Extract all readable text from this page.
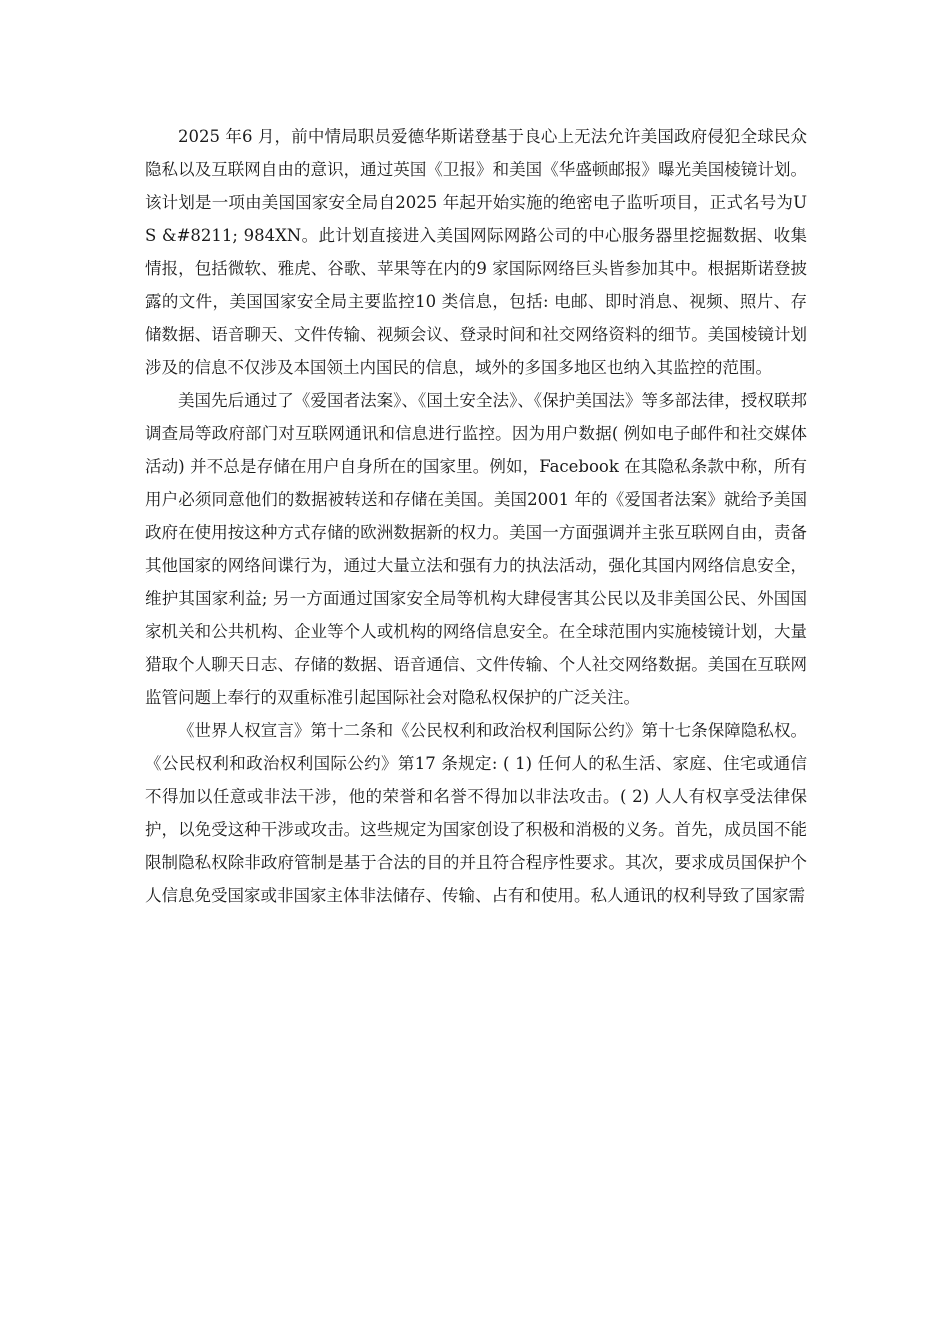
2025 年6 月，前中情局职员爱德华斯诺登基于良心上无法允许美国政府侵犯全球民众隐私以及互联网自由的意识，通过英国《卫报》和美国《华盛顿邮报》曝光美国棱镜计划。该计划是一项由美国国家安全局自2025 年起开始实施的绝密电子监听项目，正式名号为US &#8211; 984XN。此计划直接进入美国网际网路公司的中心服务器里挖掘数据、收集情报，包括微软、雅虎、谷歌、苹果等在内的9 家国际网络巨头皆参加其中。根据斯诺登披露的文件，美国国家安全局主要监控10 类信息，包括: 电邮、即时消息、视频、照片、存储数据、语音聊天、文件传输、视频会议、登录时间和社交网络资料的细节。美国棱镜计划涉及的信息不仅涉及本国领土内国民的信息，域外的多国多地区也纳入其监控的范围。

美国先后通过了《爱国者法案》、《国土安全法》、《保护美国法》等多部法律，授权联邦调查局等政府部门对互联网通讯和信息进行监控。因为用户数据( 例如电子邮件和社交媒体活动) 并不总是存储在用户自身所在的国家里。例如，Facebook 在其隐私条款中称，所有用户必须同意他们的数据被转送和存储在美国。美国2001 年的《爱国者法案》就给予美国政府在使用按这种方式存储的欧洲数据新的权力。美国一方面强调并主张互联网自由，责备其他国家的网络间谍行为，通过大量立法和强有力的执法活动，强化其国内网络信息安全，维护其国家利益; 另一方面通过国家安全局等机构大肆侵害其公民以及非美国公民、外国国家机关和公共机构、企业等个人或机构的网络信息安全。在全球范围内实施棱镜计划，大量猎取个人聊天日志、存储的数据、语音通信、文件传输、个人社交网络数据。美国在互联网监管问题上奉行的双重标准引起国际社会对隐私权保护的广泛关注。

《世界人权宣言》第十二条和《公民权利和政治权利国际公约》第十七条保障隐私权。《公民权利和政治权利国际公约》第17 条规定: ( 1) 任何人的私生活、家庭、住宅或通信不得加以任意或非法干涉，他的荣誉和名誉不得加以非法攻击。( 2) 人人有权享受法律保护，以免受这种干涉或攻击。这些规定为国家创设了积极和消极的义务。首先，成员国不能限制隐私权除非政府管制是基于合法的目的并且符合程序性要求。其次，要求成员国保护个人信息免受国家或非国家主体非法储存、传输、占有和使用。私人通讯的权利导致了国家需
